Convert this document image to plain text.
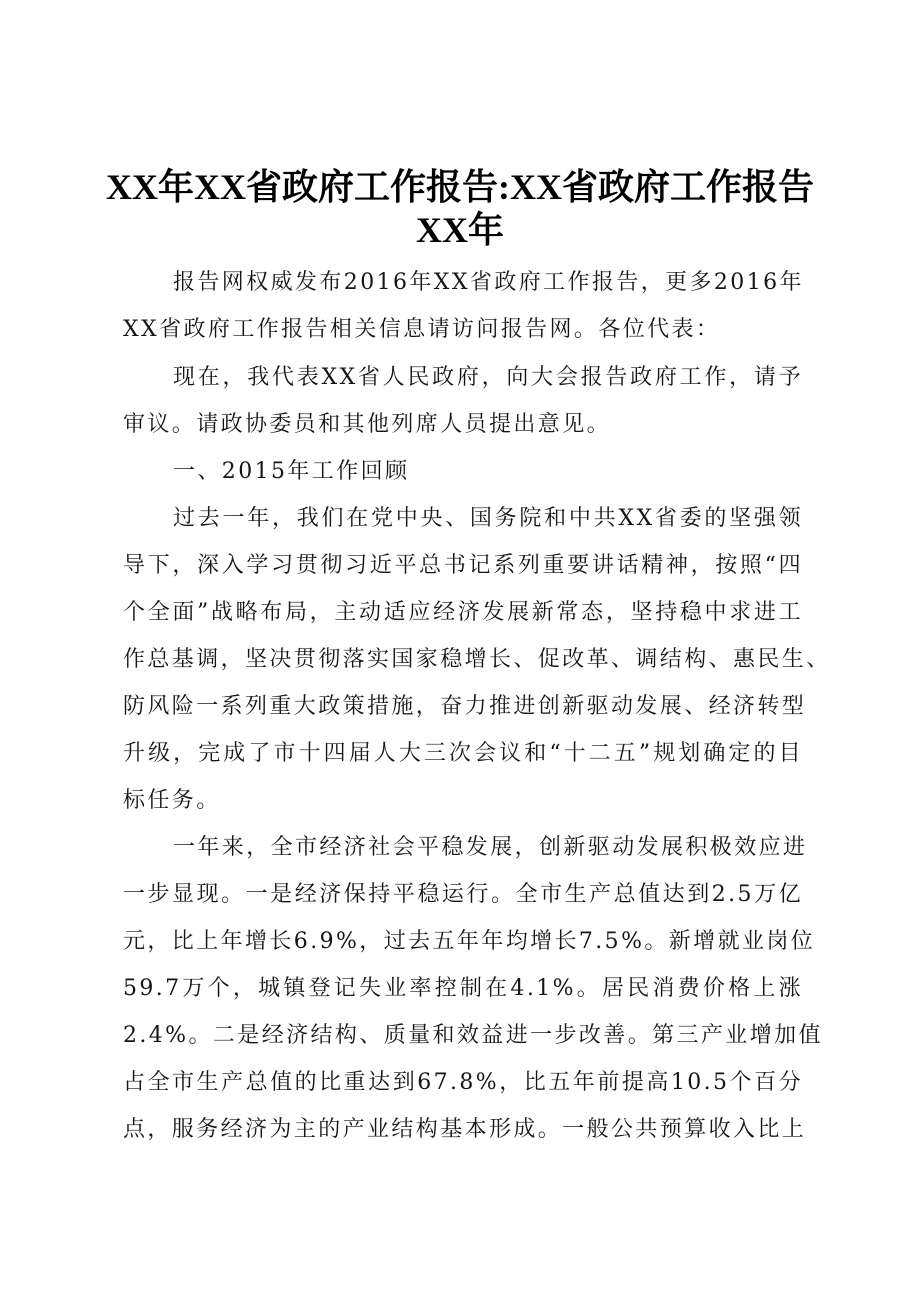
XX年XX省政府工作报告:XX省政府工作报告
XX年
报告网权威发布2016年XX省政府工作报告，更多2016年
XX省政府工作报告相关信息请访问报告网。各位代表：
现在，我代表XX省人民政府，向大会报告政府工作，请予
审议。请政协委员和其他列席人员提出意见。
一、2015年工作回顾
过去一年，我们在党中央、国务院和中共XX省委的坚强领
导下，深入学习贯彻习近平总书记系列重要讲话精神，按照“四
个全面”战略布局，主动适应经济发展新常态，坚持稳中求进工
作总基调，坚决贯彻落实国家稳增长、促改革、调结构、惠民生、
防风险一系列重大政策措施，奋力推进创新驱动发展、经济转型
升级，完成了市十四届人大三次会议和“十二五”规划确定的目
标任务。
一年来，全市经济社会平稳发展，创新驱动发展积极效应进
一步显现。一是经济保持平稳运行。全市生产总值达到2.5万亿
元，比上年增长6.9%，过去五年年均增长7.5%。新增就业岗位
59.7万个，城镇登记失业率控制在4.1%。居民消费价格上涨
2.4%。二是经济结构、质量和效益进一步改善。第三产业增加值
占全市生产总值的比重达到67.8%，比五年前提高10.5个百分
点，服务经济为主的产业结构基本形成。一般公共预算收入比上
